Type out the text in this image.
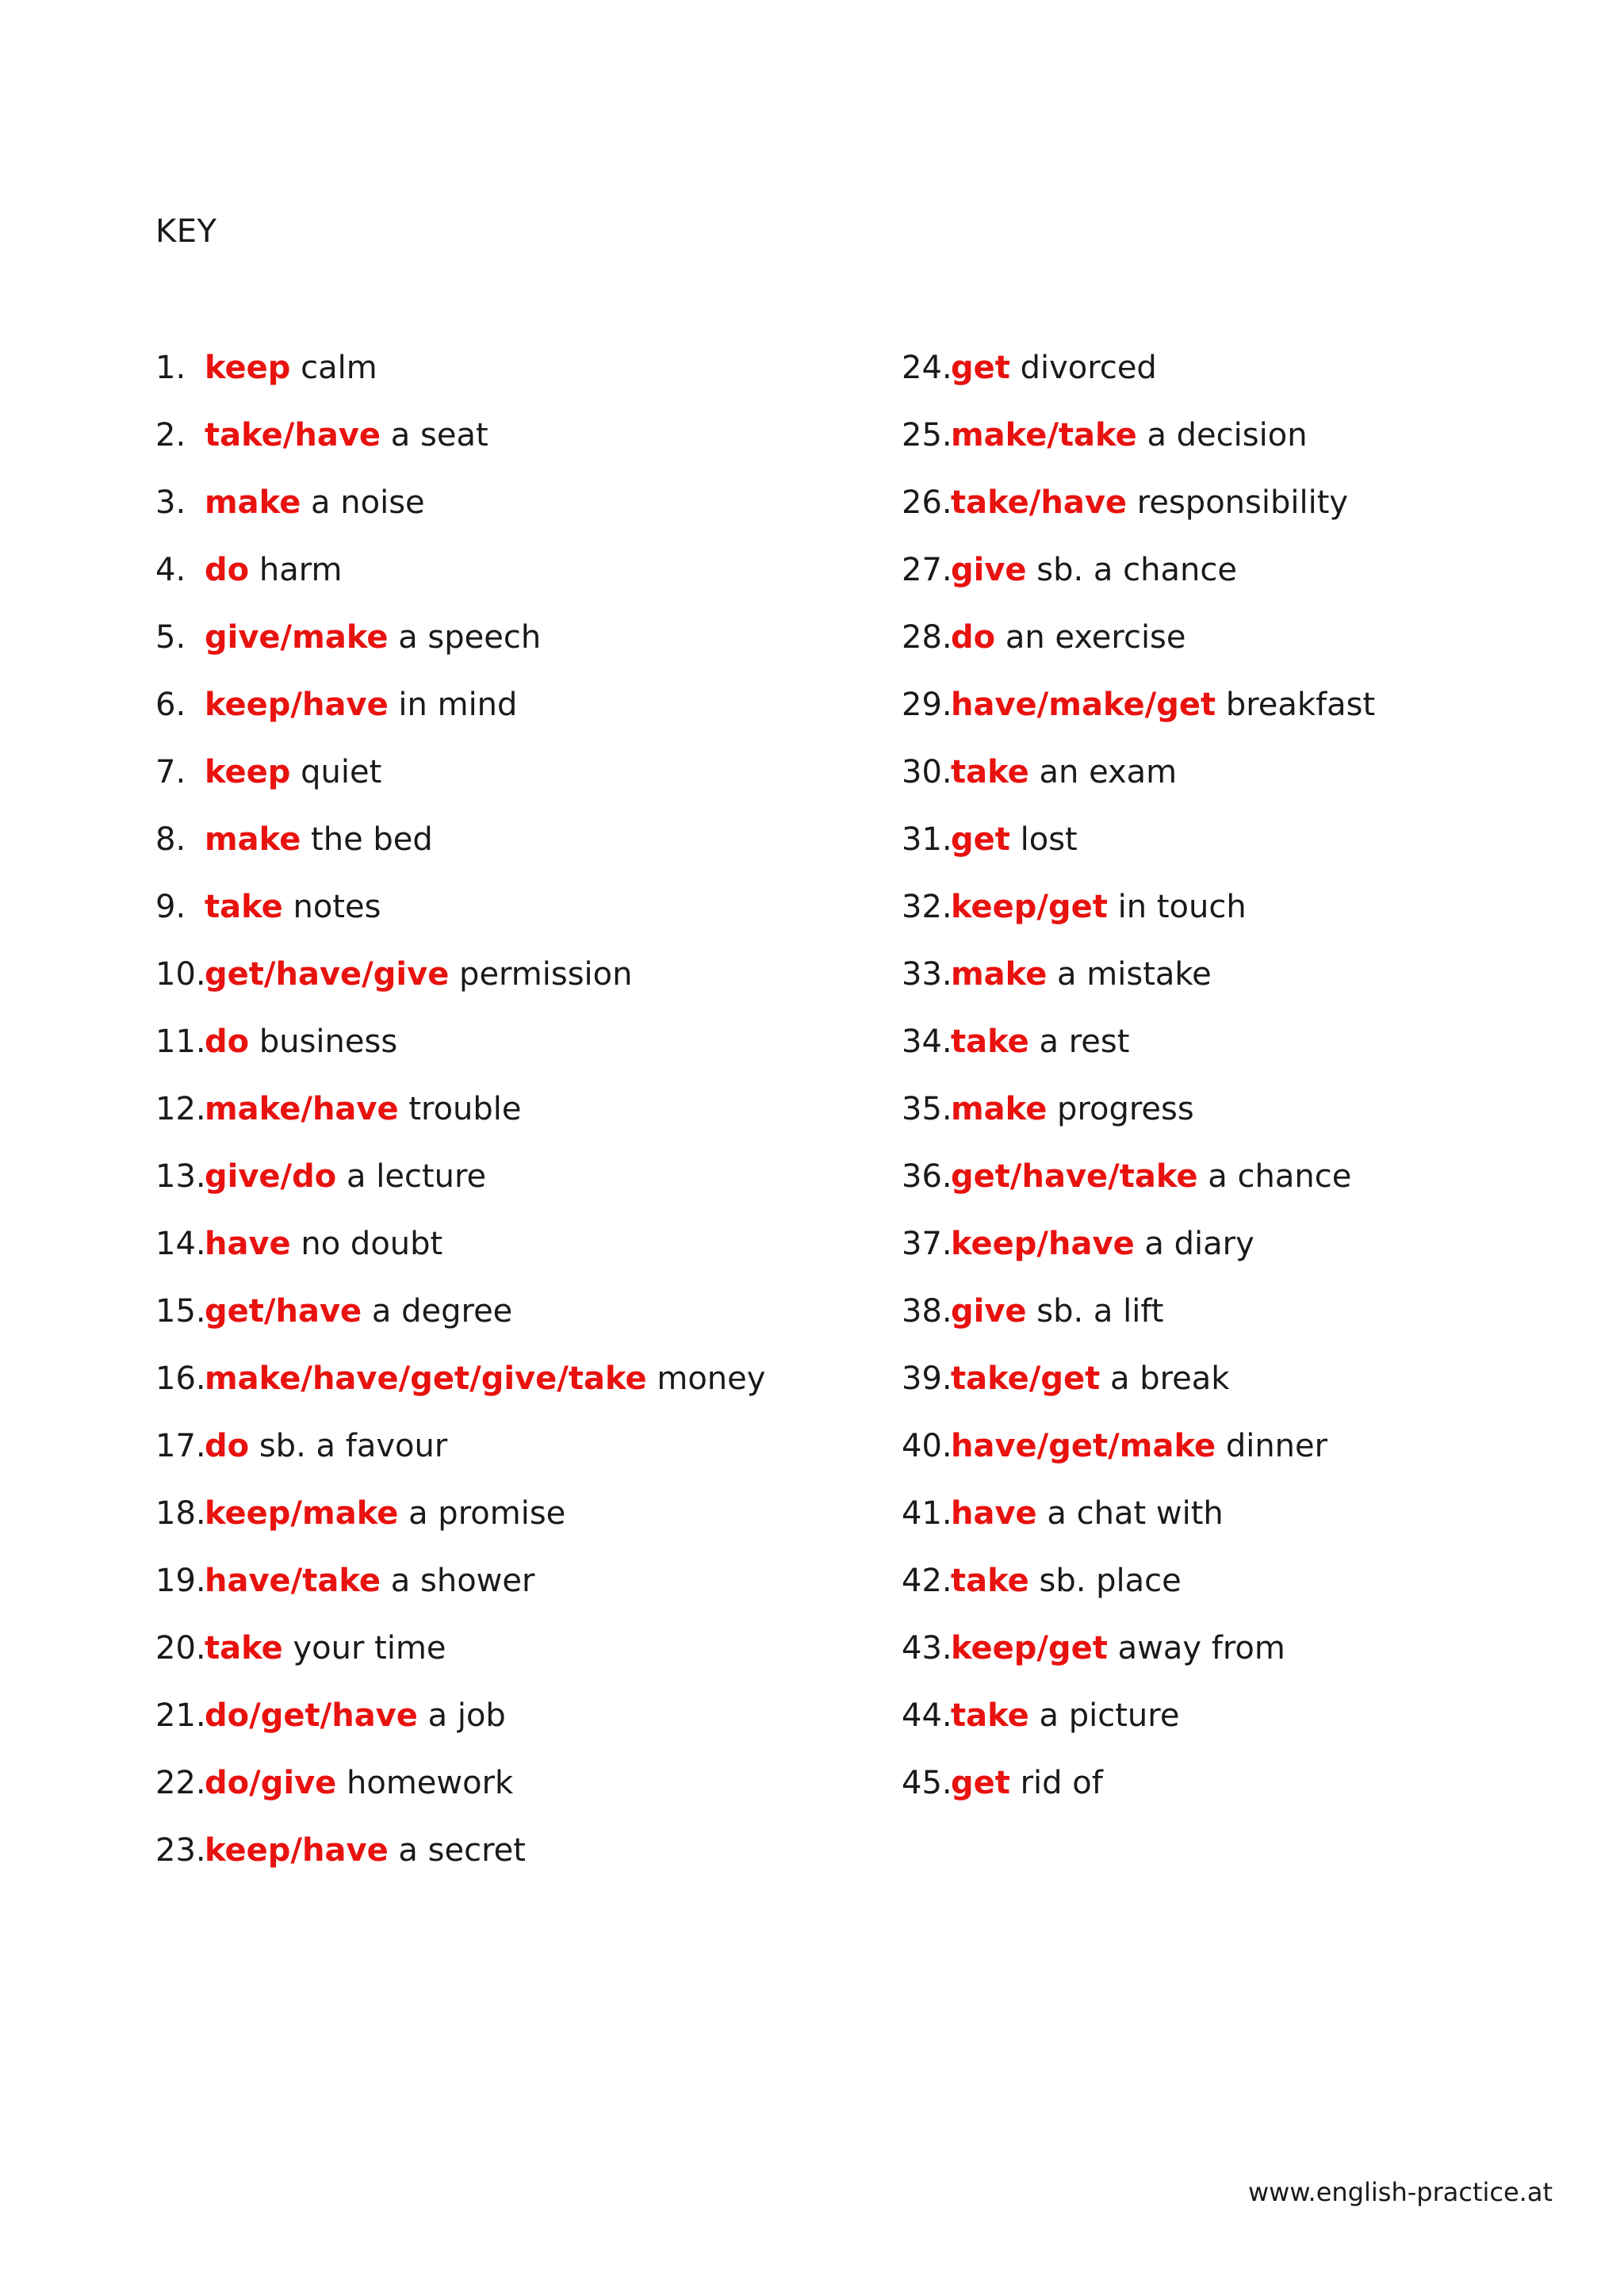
KEY
1. keep
calm
2. take/have
a seat
3. make
a noise
4. do
harm
5. give/make
a speech
6. keep/have
in mind
7. keep
quiet
8. make
the bed
9. take
notes
10.
get/have/give
permission
11.
do
business
12.
make/have
trouble
13.
give/do
a lecture
14.
have
no doubt
15.
get/have
a degree
16.
make/have/get/give/take
money
17.
do
sb. a favour
18.
keep/make
a promise
19.
have/take
a shower
20.
take
your time
21.
do/get/have
a job
22.
do/give
homework
23.
keep/have
a secret
24.
get
divorced
25.
make/take
a decision
26.
take/have
responsibility
27.
give
sb. a chance
28.
do
an exercise
29.
have/make/get
breakfast
30.
take
an exam
31.
get
lost
32.
keep/get
in touch
33.
make
a mistake
34.
take
a rest
35.
make
progress
36.
get/have/take
a chance
37.
keep/have
a diary
38.
give
sb. a lift
39.
take/get
a break
40.
have/get/make
dinner
41.
have
a chat with
42.
take
sb. place
43.
keep/get
away from
44.
take
a picture
45.
get
rid of
www.english-practice.at
